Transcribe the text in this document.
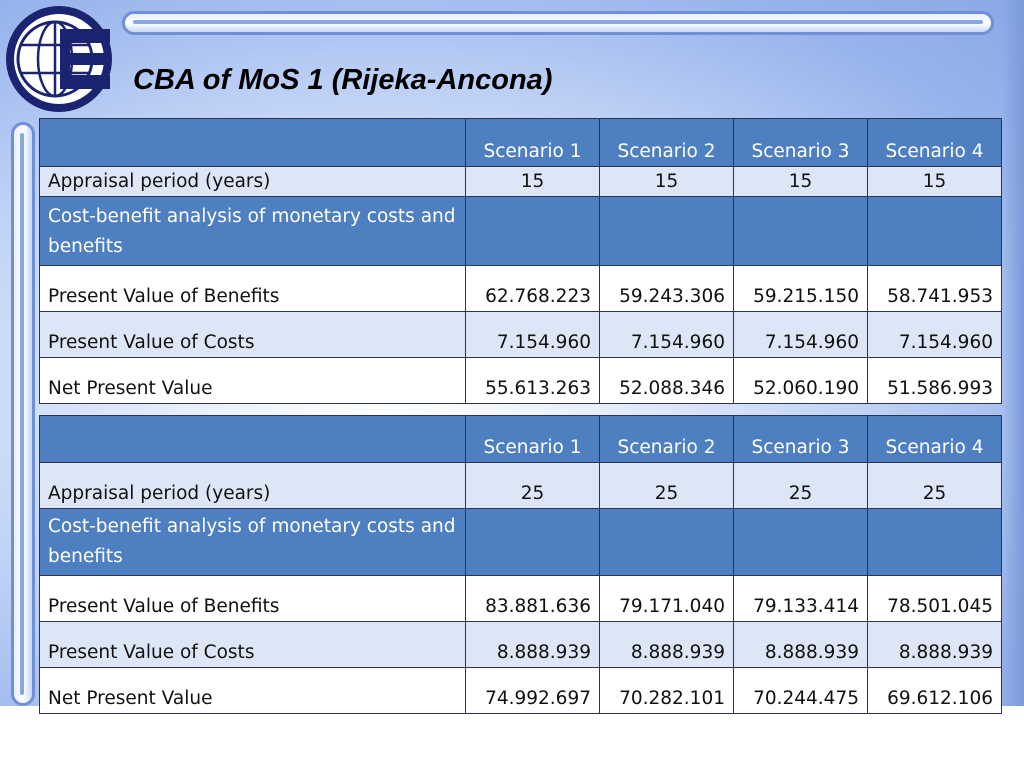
CBA of MoS 1 (Rijeka-Ancona)
	Scenario 1	Scenario 2	Scenario 3	Scenario 4
Appraisal period (years)	15	15	15	15
Cost-benefit analysis of monetary costs and benefits				
Present Value of Benefits	62.768.223	59.243.306	59.215.150	58.741.953
Present Value of Costs	7.154.960	7.154.960	7.154.960	7.154.960
Net Present Value	55.613.263	52.088.346	52.060.190	51.586.993
	Scenario 1	Scenario 2	Scenario 3	Scenario 4
Appraisal period (years)	25	25	25	25
Cost-benefit analysis of monetary costs and benefits				
Present Value of Benefits	83.881.636	79.171.040	79.133.414	78.501.045
Present Value of Costs	8.888.939	8.888.939	8.888.939	8.888.939
Net Present Value	74.992.697	70.282.101	70.244.475	69.612.106
